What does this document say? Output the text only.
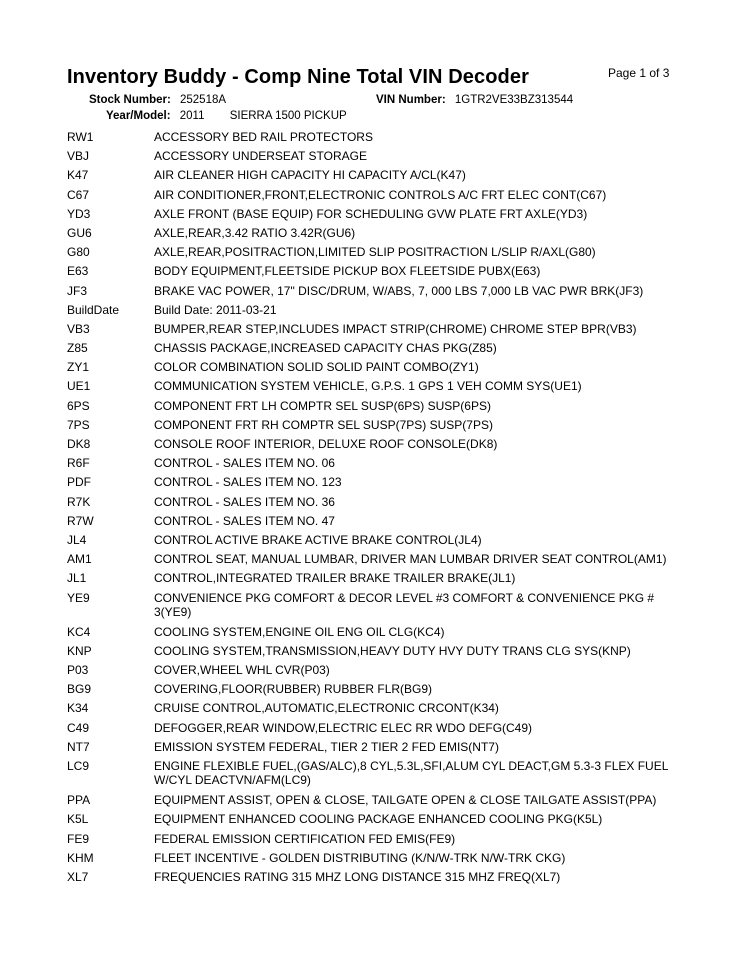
Inventory Buddy - Comp Nine Total VIN Decoder	Page 1 of 3
Stock Number: 252518A	VIN Number: 1GTR2VE33BZ313544
Year/Model: 2011 SIERRA 1500 PICKUP
RW1	ACCESSORY BED RAIL PROTECTORS
VBJ	ACCESSORY UNDERSEAT STORAGE
K47	AIR CLEANER HIGH CAPACITY HI CAPACITY A/CL(K47)
C67	AIR CONDITIONER,FRONT,ELECTRONIC CONTROLS A/C FRT ELEC CONT(C67)
YD3	AXLE FRONT (BASE EQUIP) FOR SCHEDULING GVW PLATE FRT AXLE(YD3)
GU6	AXLE,REAR,3.42 RATIO 3.42R(GU6)
G80	AXLE,REAR,POSITRACTION,LIMITED SLIP POSITRACTION L/SLIP R/AXL(G80)
E63	BODY EQUIPMENT,FLEETSIDE PICKUP BOX FLEETSIDE PUBX(E63)
JF3	BRAKE VAC POWER, 17" DISC/DRUM, W/ABS, 7, 000 LBS 7,000 LB VAC PWR BRK(JF3)
BuildDate	Build Date: 2011-03-21
VB3	BUMPER,REAR STEP,INCLUDES IMPACT STRIP(CHROME) CHROME STEP BPR(VB3)
Z85	CHASSIS PACKAGE,INCREASED CAPACITY CHAS PKG(Z85)
ZY1	COLOR COMBINATION SOLID SOLID PAINT COMBO(ZY1)
UE1	COMMUNICATION SYSTEM VEHICLE, G.P.S. 1 GPS 1 VEH COMM SYS(UE1)
6PS	COMPONENT FRT LH COMPTR SEL SUSP(6PS) SUSP(6PS)
7PS	COMPONENT FRT RH COMPTR SEL SUSP(7PS) SUSP(7PS)
DK8	CONSOLE ROOF INTERIOR, DELUXE ROOF CONSOLE(DK8)
R6F	CONTROL - SALES ITEM NO. 06
PDF	CONTROL - SALES ITEM NO. 123
R7K	CONTROL - SALES ITEM NO. 36
R7W	CONTROL - SALES ITEM NO. 47
JL4	CONTROL ACTIVE BRAKE ACTIVE BRAKE CONTROL(JL4)
AM1	CONTROL SEAT, MANUAL LUMBAR, DRIVER MAN LUMBAR DRIVER SEAT CONTROL(AM1)
JL1	CONTROL,INTEGRATED TRAILER BRAKE TRAILER BRAKE(JL1)
YE9	CONVENIENCE PKG COMFORT & DECOR LEVEL #3 COMFORT & CONVENIENCE PKG # 3(YE9)
KC4	COOLING SYSTEM,ENGINE OIL ENG OIL CLG(KC4)
KNP	COOLING SYSTEM,TRANSMISSION,HEAVY DUTY HVY DUTY TRANS CLG SYS(KNP)
P03	COVER,WHEEL WHL CVR(P03)
BG9	COVERING,FLOOR(RUBBER) RUBBER FLR(BG9)
K34	CRUISE CONTROL,AUTOMATIC,ELECTRONIC CRCONT(K34)
C49	DEFOGGER,REAR WINDOW,ELECTRIC ELEC RR WDO DEFG(C49)
NT7	EMISSION SYSTEM FEDERAL, TIER 2 TIER 2 FED EMIS(NT7)
LC9	ENGINE FLEXIBLE FUEL,(GAS/ALC),8 CYL,5.3L,SFI,ALUM CYL DEACT,GM 5.3-3 FLEX FUEL W/CYL DEACTVN/AFM(LC9)
PPA	EQUIPMENT ASSIST, OPEN & CLOSE, TAILGATE OPEN & CLOSE TAILGATE ASSIST(PPA)
K5L	EQUIPMENT ENHANCED COOLING PACKAGE ENHANCED COOLING PKG(K5L)
FE9	FEDERAL EMISSION CERTIFICATION FED EMIS(FE9)
KHM	FLEET INCENTIVE - GOLDEN DISTRIBUTING (K/N/W-TRK N/W-TRK CKG)
XL7	FREQUENCIES RATING 315 MHZ LONG DISTANCE 315 MHZ FREQ(XL7)
